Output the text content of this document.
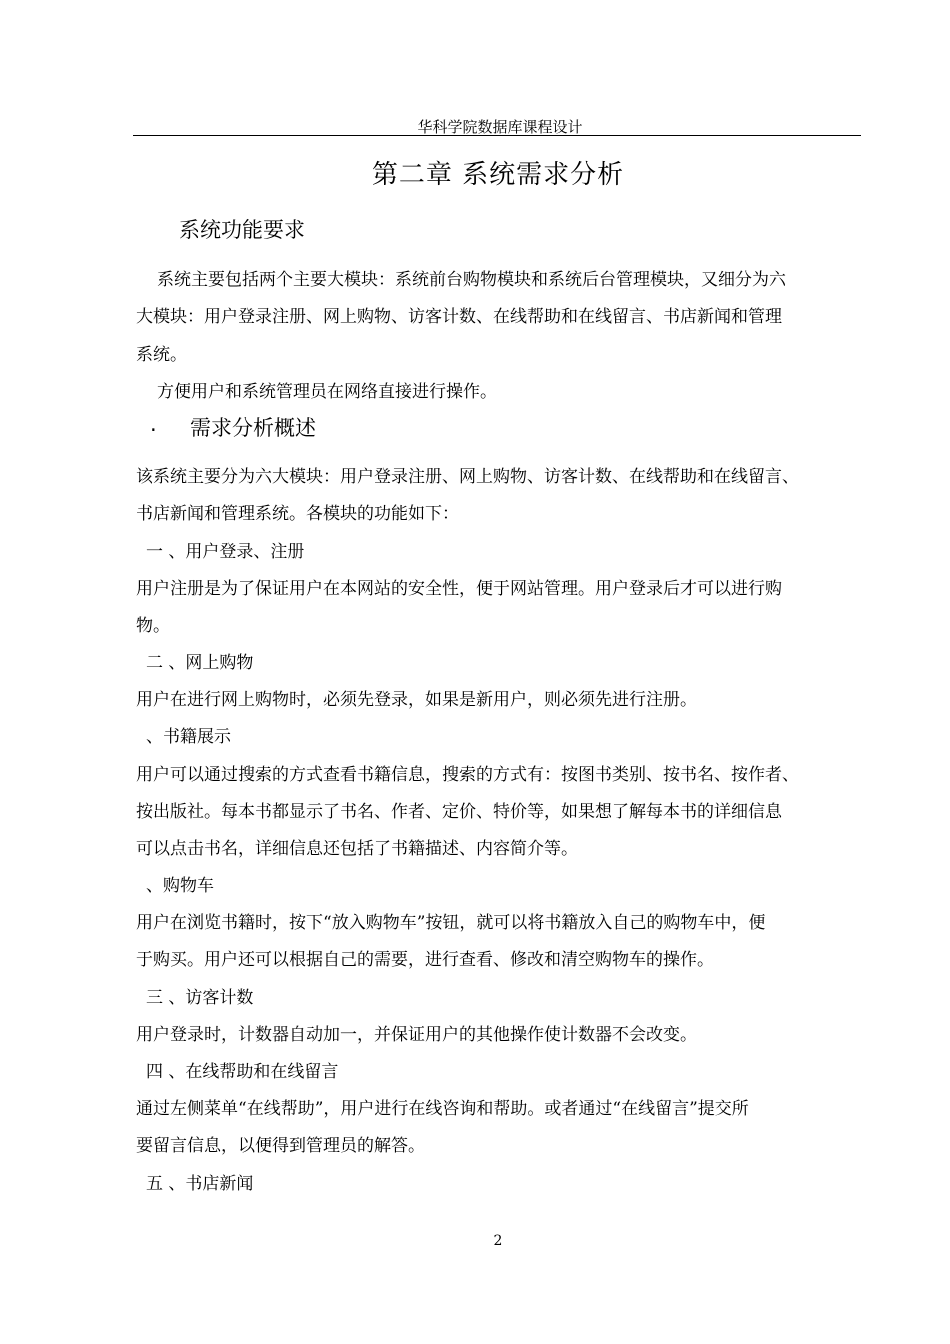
华科学院数据库课程设计
第二章 系统需求分析
系统功能要求
系统主要包括两个主要大模块：系统前台购物模块和系统后台管理模块，又细分为六
大模块：用户登录注册、网上购物、访客计数、在线帮助和在线留言、书店新闻和管理
系统。
方便用户和系统管理员在网络直接进行操作。
. 需求分析概述
该系统主要分为六大模块：用户登录注册、网上购物、访客计数、在线帮助和在线留言、
书店新闻和管理系统。各模块的功能如下：
一 、用户登录、注册
用户注册是为了保证用户在本网站的安全性，便于网站管理。用户登录后才可以进行购
物。
二 、网上购物
用户在进行网上购物时，必须先登录，如果是新用户，则必须先进行注册。
、书籍展示
用户可以通过搜索的方式查看书籍信息，搜索的方式有：按图书类别、按书名、按作者、
按出版社。每本书都显示了书名、作者、定价、特价等，如果想了解每本书的详细信息
可以点击书名，详细信息还包括了书籍描述、内容简介等。
、购物车
用户在浏览书籍时，按下“放入购物车”按钮，就可以将书籍放入自己的购物车中，便
于购买。用户还可以根据自己的需要，进行查看、修改和清空购物车的操作。
三 、访客计数
用户登录时，计数器自动加一，并保证用户的其他操作使计数器不会改变。
四 、在线帮助和在线留言
通过左侧菜单“在线帮助”，用户进行在线咨询和帮助。或者通过“在线留言”提交所
要留言信息，以便得到管理员的解答。
五 、书店新闻
2
